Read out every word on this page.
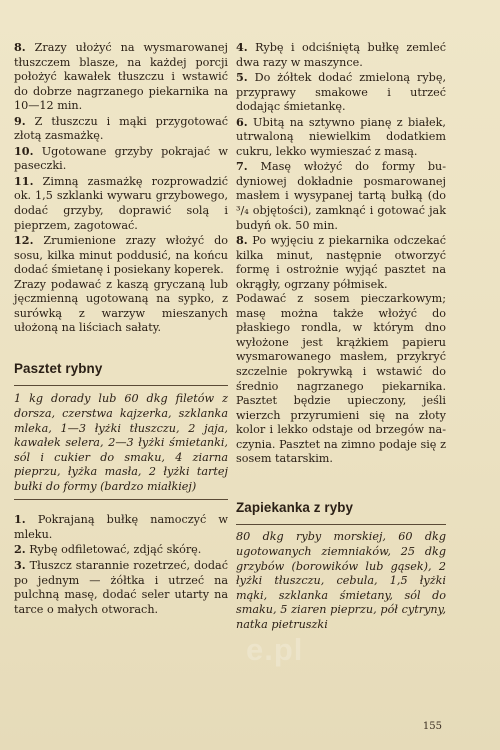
8. Zrazy ułożyć na wysmarowanej tłuszczem blasze, na każdej porcji położyć kawałek tłuszczu i wstawić do dobrze nagrzanego piekarnika na 10—12 min.

9. Z tłuszczu i mąki przygotować złotą zasmażkę.

10. Ugotowane grzyby pokrajać w paseczki.

11. Zimną zasmażkę rozprowadzić ok. 1,5 szklanki wywaru grzybowego, dodać grzyby, doprawić solą i pieprzem, zagotować.

12. Zrumienione zrazy włożyć do sosu, kilka minut poddusić, na końcu dodać śmietanę i posiekany koperek.

Zrazy podawać z kaszą gryczaną lub jęczmienną ugotowaną na sypko, z surówką z warzyw mieszanych ułożoną na liściach sałaty.

Pasztet rybny

1 kg dorady lub 60 dkg filetów z dorsza, czerstwa kajzerka, szklanka mleka, 1—3 łyżki tłuszczu, 2 jaja, kawałek selera, 2—3 łyżki śmietanki, sól i cukier do smaku, 4 ziarna pieprzu, łyżka masła, 2 łyżki tartej bułki do formy (bardzo miałkiej)

1. Pokrajaną bułkę namoczyć w mleku.

2. Rybę odfiletować, zdjąć skórę.

3. Tłuszcz starannie rozetrzeć, dodać po jednym — żółtka i utrzeć na pulchną masę, dodać seler utarty na tarce o małych otworach.

4. Rybę i odciśniętą bułkę zemleć dwa razy w maszynce.

5. Do żółtek dodać zmieloną rybę, przyprawy smakowe i utrzeć dodając śmietankę.

6. Ubitą na sztywno pianę z białek, utrwaloną niewielkim dodatkiem cukru, lekko wymieszać z masą.

7. Masę włożyć do formy budyniowej dokładnie posmarowanej masłem i wysypanej tartą bułką (do ³/₄ objętości), zamknąć i gotować jak budyń ok. 50 min.

8. Po wyjęciu z piekarnika odczekać kilka minut, następnie otworzyć formę i ostrożnie wyjąć pasztet na okrągły, ogrzany półmisek.

Podawać z sosem pieczarkowym; masę można także włożyć do płaskiego rondla, w którym dno wyłożone jest krążkiem papieru wysmarowanego masłem, przykryć szczelnie pokrywką i wstawić do średnio nagrzanego piekarnika. Pasztet będzie upieczony, jeśli wierzch przyrumieni się na złoty kolor i lekko odstaje od brzegów naczynia. Pasztet na zimno podaje się z sosem tatarskim.

Zapiekanka z ryby

80 dkg ryby morskiej, 60 dkg ugotowanych ziemniaków, 25 dkg grzybów (borowików lub gąsek), 2 łyżki tłuszczu, cebula, 1,5 łyżki mąki, szklanka śmietany, sól do smaku, 5 ziaren pieprzu, pół cytryny, natka pietruszki

155
e.pl
